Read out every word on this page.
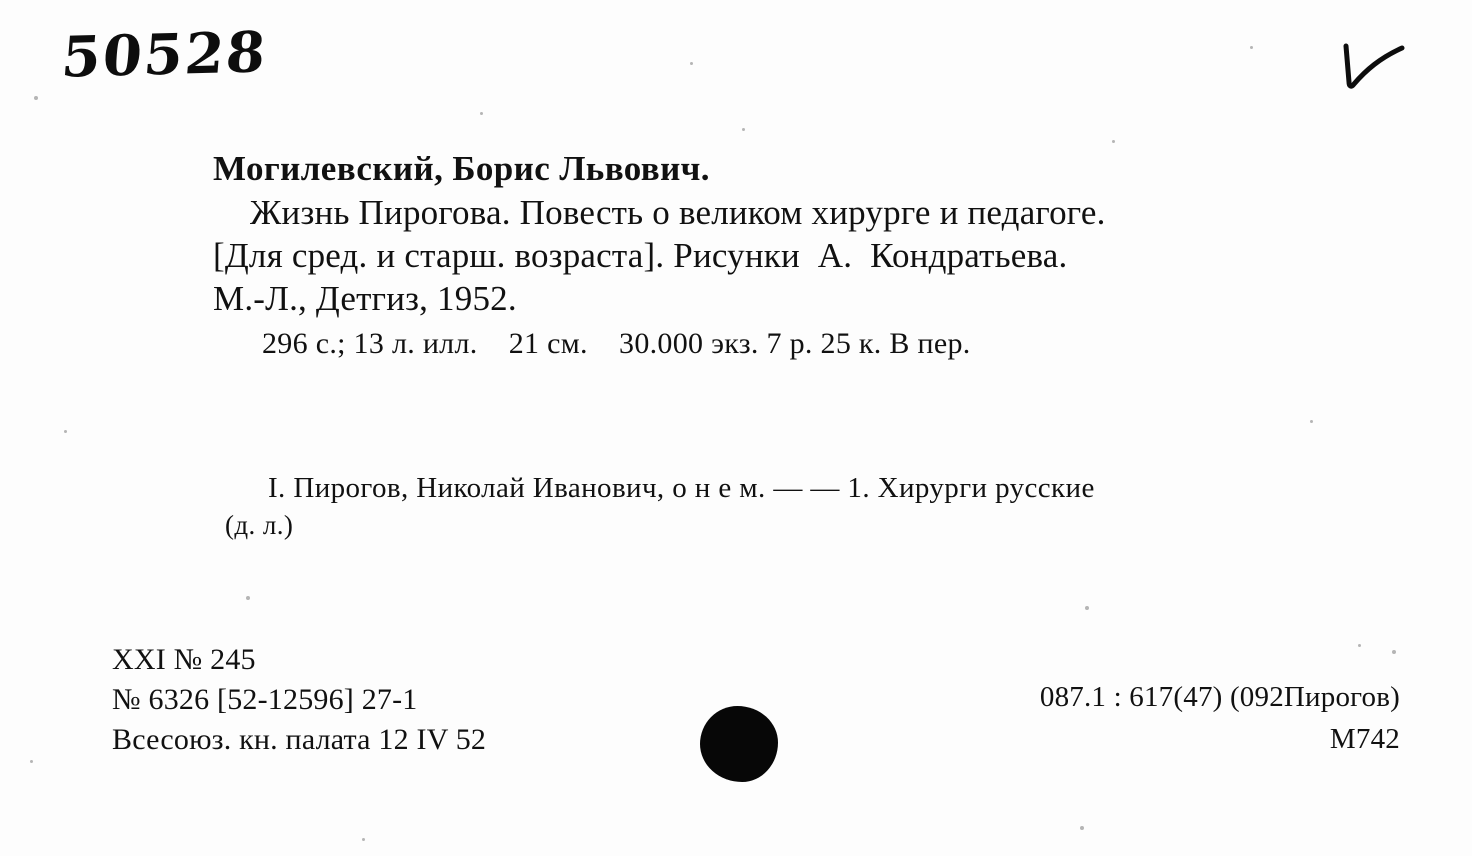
50528
Могилевский, Борис Львович.
Жизнь Пирогова. Повесть о великом хирурге и педагоге.
[Для сред. и старш. возраста]. Рисунки  А.  Кондратьева.
М.-Л., Детгиз, 1952.
296 с.; 13 л. илл.    21 см.    30.000 экз. 7 р. 25 к. В пер.
I. Пирогов, Николай Иванович, о н е м. — — 1. Хирурги русские
(д. л.)
XXI № 245
№ 6326 [52-12596] 27-1
Всесоюз. кн. палата 12 IV 52
087.1 : 617(47) (092Пирогов)
М742
